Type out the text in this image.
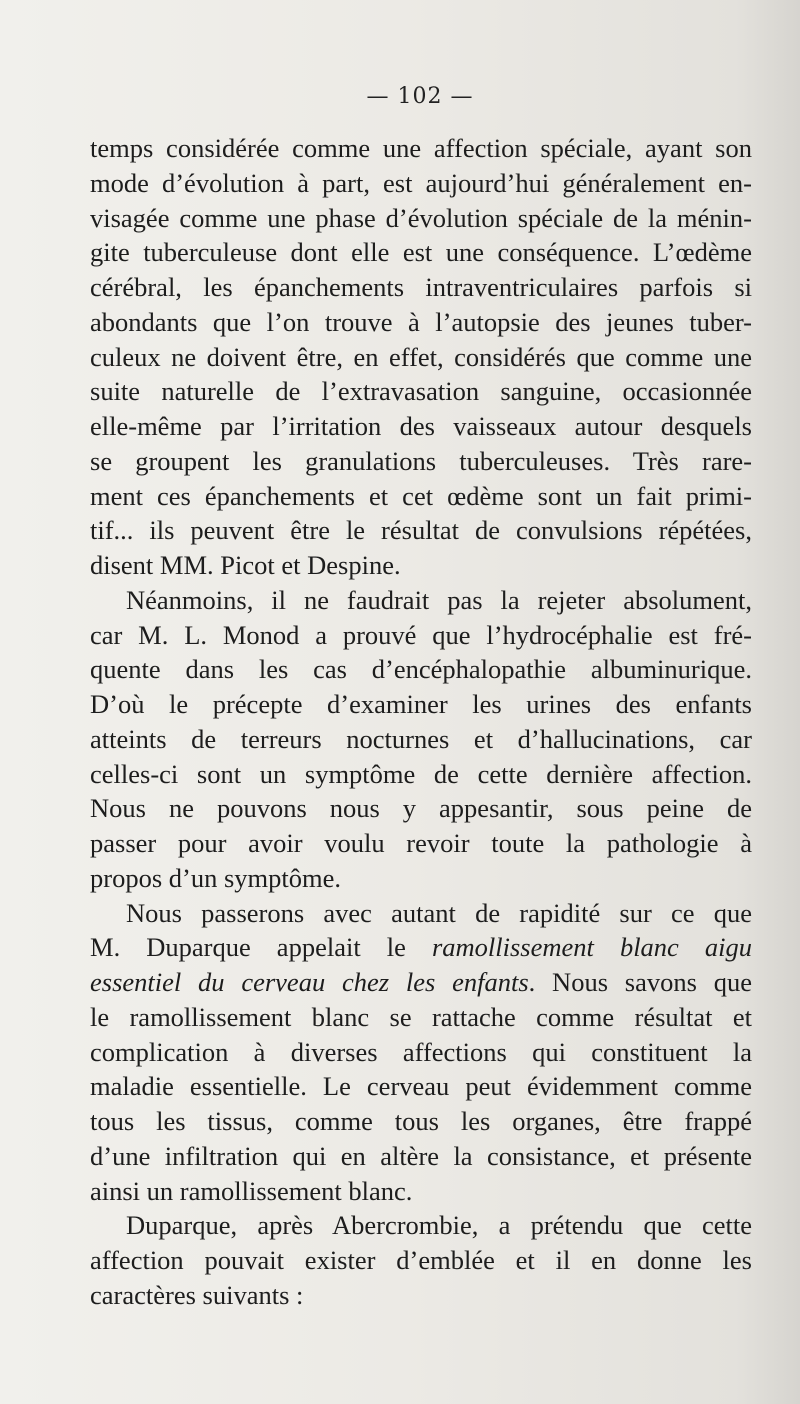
— 102 —
temps considérée comme une affection spéciale, ayant son
mode d’évolution à part, est aujourd’hui généralement en-
visagée comme une phase d’évolution spéciale de la ménin-
gite tuberculeuse dont elle est une conséquence. L’œdème
cérébral, les épanchements intraventriculaires parfois si
abondants que l’on trouve à l’autopsie des jeunes tuber-
culeux ne doivent être, en effet, considérés que comme une
suite naturelle de l’extravasation sanguine, occasionnée
elle-même par l’irritation des vaisseaux autour desquels
se groupent les granulations tuberculeuses. Très rare-
ment ces épanchements et cet œdème sont un fait primi-
tif... ils peuvent être le résultat de convulsions répétées,
disent MM. Picot et Despine.
Néanmoins, il ne faudrait pas la rejeter absolument,
car M. L. Monod a prouvé que l’hydrocéphalie est fré-
quente dans les cas d’encéphalopathie albuminurique.
D’où le précepte d’examiner les urines des enfants
atteints de terreurs nocturnes et d’hallucinations, car
celles-ci sont un symptôme de cette dernière affection.
Nous ne pouvons nous y appesantir, sous peine de
passer pour avoir voulu revoir toute la pathologie à
propos d’un symptôme.
Nous passerons avec autant de rapidité sur ce que
M. Duparque appelait le ramollissement blanc aigu
essentiel du cerveau chez les enfants. Nous savons que
le ramollissement blanc se rattache comme résultat et
complication à diverses affections qui constituent la
maladie essentielle. Le cerveau peut évidemment comme
tous les tissus, comme tous les organes, être frappé
d’une infiltration qui en altère la consistance, et présente
ainsi un ramollissement blanc.
Duparque, après Abercrombie, a prétendu que cette
affection pouvait exister d’emblée et il en donne les
caractères suivants :
